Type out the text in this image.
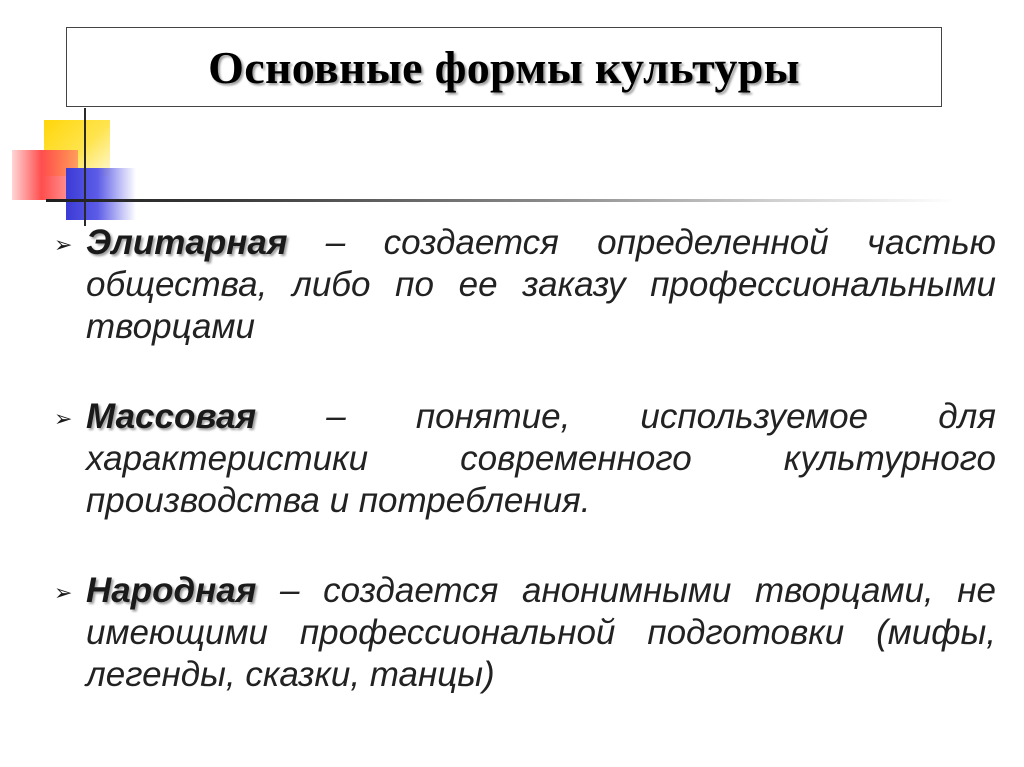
Основные формы культуры
➢ Элитарная – создается определенной частью общества, либо по ее заказу профессиональными творцами
➢ Массовая – понятие, используемое для характеристики современного культурного производства и потребления.
➢ Народная – создается анонимными творцами, не имеющими профессиональной подготовки (мифы, легенды, сказки, танцы)
